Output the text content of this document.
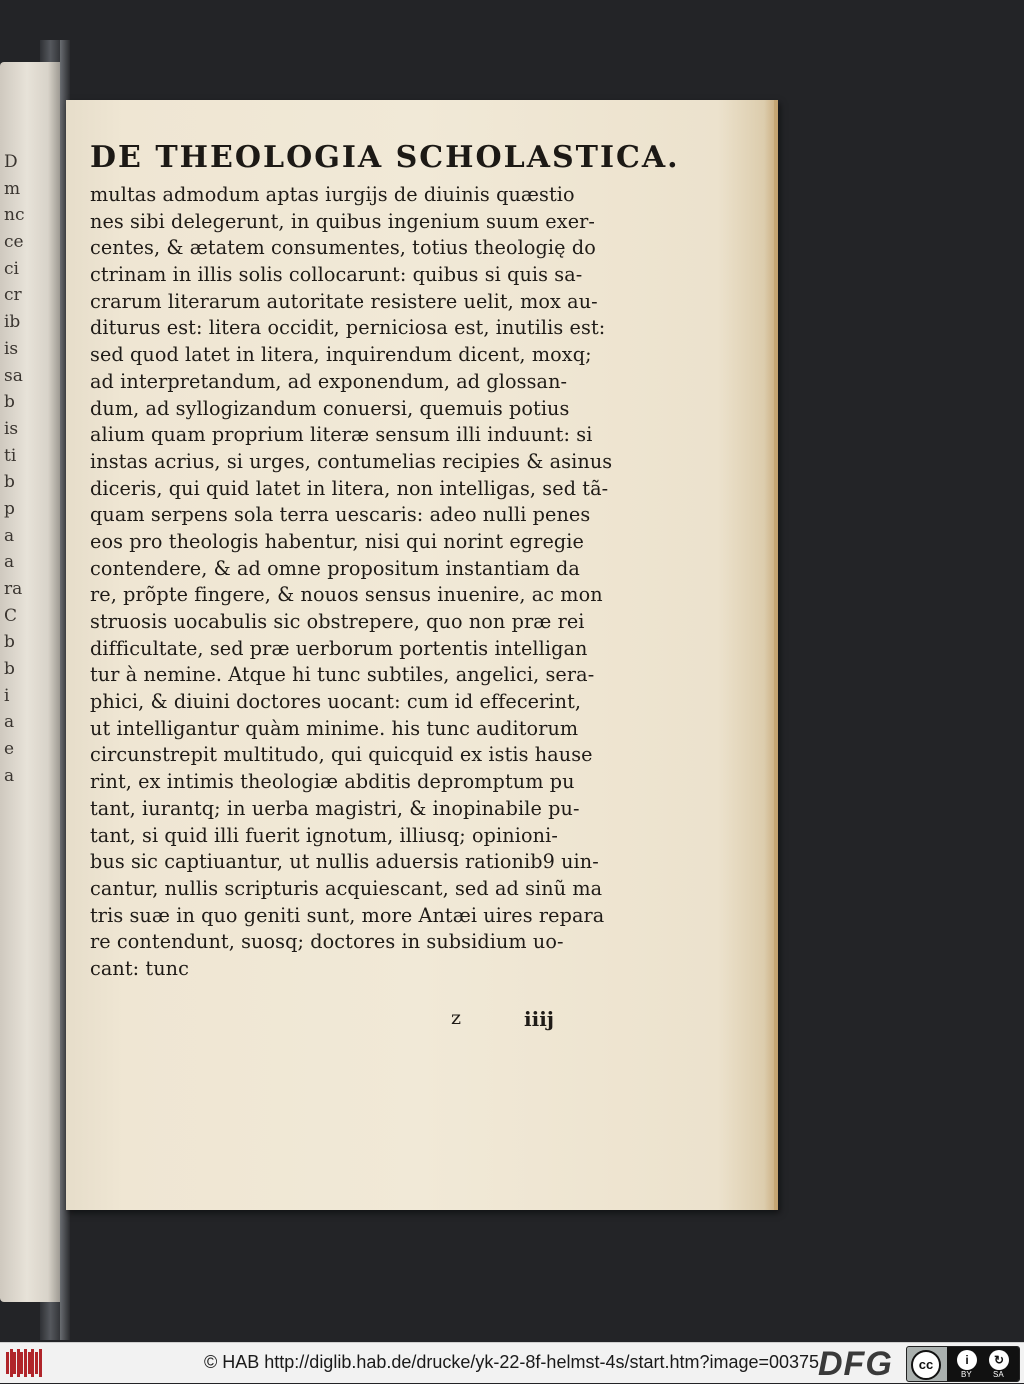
D
m
nc
ce
ci
cr
ib
is
sa
b
is
ti
b
p
a
a
ra
C
b
b
i
a
e
a
DE THEOLOGIA SCHOLASTICA.
multas admodum aptas iurgijs de diuinis quæstio
nes sibi delegerunt, in quibus ingenium suum exer-
centes, & ætatem consumentes, totius theologię do
ctrinam in illis solis collocarunt: quibus si quis sa-
crarum literarum autoritate resistere uelit, mox au-
diturus est: litera occidit, perniciosa est, inutilis est:
sed quod latet in litera, inquirendum dicent, moxq;
ad interpretandum, ad exponendum, ad glossan-
dum, ad syllogizandum conuersi, quemuis potius
alium quam proprium literæ sensum illi induunt: si
instas acrius, si urges, contumelias recipies & asinus
diceris, qui quid latet in litera, non intelligas, sed tã-
quam serpens sola terra uescaris: adeo nulli penes
eos pro theologis habentur, nisi qui norint egregie
contendere, & ad omne propositum instantiam da
re, prõpte fingere, & nouos sensus inuenire, ac mon
struosis uocabulis sic obstrepere, quo non præ rei
difficultate, sed præ uerborum portentis intelligan
tur à nemine. Atque hi tunc subtiles, angelici, sera-
phici, & diuini doctores uocant: cum id effecerint,
ut intelligantur quàm minime. his tunc auditorum
circunstrepit multitudo, qui quicquid ex istis hause
rint, ex intimis theologiæ abditis depromptum pu
tant, iurantq; in uerba magistri, & inopinabile pu-
tant, si quid illi fuerit ignotum, illiusq; opinioni-
bus sic captiuantur, ut nullis aduersis rationib9 uin-
cantur, nullis scripturis acquiescant, sed ad sinũ ma
tris suæ in quo geniti sunt, more Antæi uires repara
re contendunt, suosq; doctores in subsidium uo-
cant: tunc
z	iiij
© HAB http://diglib.hab.de/drucke/yk-22-8f-helmst-4s/start.htm?image=00375
DFG	cc	i	↻
BY	SA
